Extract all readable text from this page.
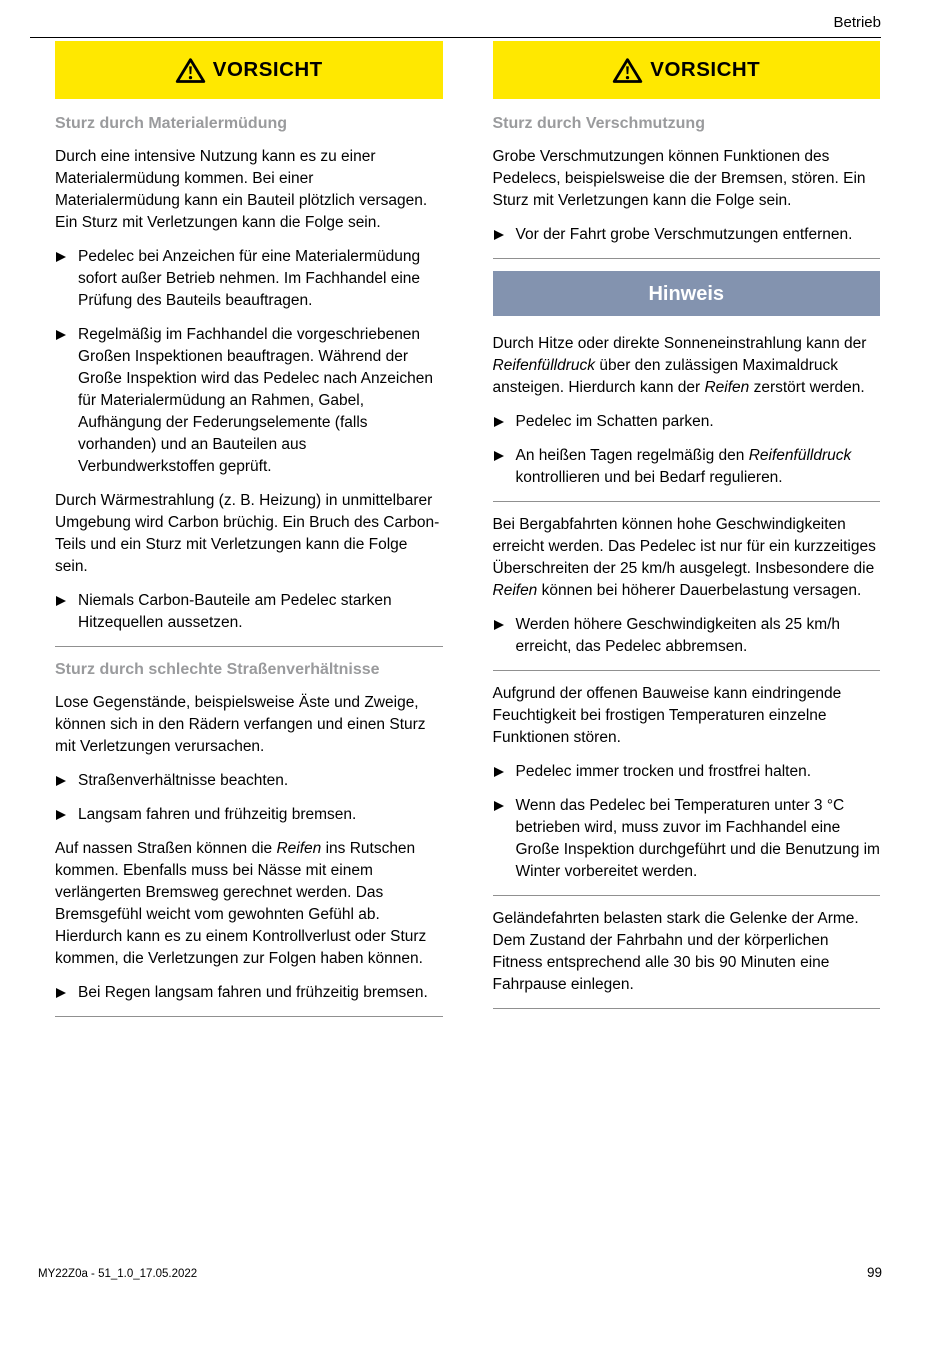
Betrieb
VORSICHT
Sturz durch Materialermüdung
Durch eine intensive Nutzung kann es zu einer Materialermüdung kommen. Bei einer Materialermüdung kann ein Bauteil plötzlich versagen. Ein Sturz mit Verletzungen kann die Folge sein.
Pedelec bei Anzeichen für eine Materialermüdung sofort außer Betrieb nehmen. Im Fachhandel eine Prüfung des Bauteils beauftragen.
Regelmäßig im Fachhandel die vorgeschriebenen Großen Inspektionen beauftragen. Während der Große Inspektion wird das Pedelec nach Anzeichen für Materialermüdung an Rahmen, Gabel, Aufhängung der Federungselemente (falls vorhanden) und an Bauteilen aus Verbundwerkstoffen geprüft.
Durch Wärmestrahlung (z. B. Heizung) in unmittelbarer Umgebung wird Carbon brüchig. Ein Bruch des Carbon-Teils und ein Sturz mit Verletzungen kann die Folge sein.
Niemals Carbon-Bauteile am Pedelec starken Hitzequellen aussetzen.
Sturz durch schlechte Straßenverhältnisse
Lose Gegenstände, beispielsweise Äste und Zweige, können sich in den Rädern verfangen und einen Sturz mit Verletzungen verursachen.
Straßenverhältnisse beachten.
Langsam fahren und frühzeitig bremsen.
Auf nassen Straßen können die Reifen ins Rutschen kommen. Ebenfalls muss bei Nässe mit einem verlängerten Bremsweg gerechnet werden. Das Bremsgefühl weicht vom gewohnten Gefühl ab. Hierdurch kann es zu einem Kontrollverlust oder Sturz kommen, die Verletzungen zur Folgen haben können.
Bei Regen langsam fahren und frühzeitig bremsen.
VORSICHT
Sturz durch Verschmutzung
Grobe Verschmutzungen können Funktionen des Pedelecs, beispielsweise die der Bremsen, stören. Ein Sturz mit Verletzungen kann die Folge sein.
Vor der Fahrt grobe Verschmutzungen entfernen.
Hinweis
Durch Hitze oder direkte Sonneneinstrahlung kann der Reifenfülldruck über den zulässigen Maximaldruck ansteigen. Hierdurch kann der Reifen zerstört werden.
Pedelec im Schatten parken.
An heißen Tagen regelmäßig den Reifenfülldruck kontrollieren und bei Bedarf regulieren.
Bei Bergabfahrten können hohe Geschwindigkeiten erreicht werden. Das Pedelec ist nur für ein kurzzeitiges Überschreiten der 25 km/h ausgelegt. Insbesondere die Reifen können bei höherer Dauerbelastung versagen.
Werden höhere Geschwindigkeiten als 25 km/h erreicht, das Pedelec abbremsen.
Aufgrund der offenen Bauweise kann eindringende Feuchtigkeit bei frostigen Temperaturen einzelne Funktionen stören.
Pedelec immer trocken und frostfrei halten.
Wenn das Pedelec bei Temperaturen unter 3 °C betrieben wird, muss zuvor im Fachhandel eine Große Inspektion durchgeführt und die Benutzung im Winter vorbereitet werden.
Geländefahrten belasten stark die Gelenke der Arme. Dem Zustand der Fahrbahn und der körperlichen Fitness entsprechend alle 30 bis 90 Minuten eine Fahrpause einlegen.
MY22Z0a - 51_1.0_17.05.2022	99
